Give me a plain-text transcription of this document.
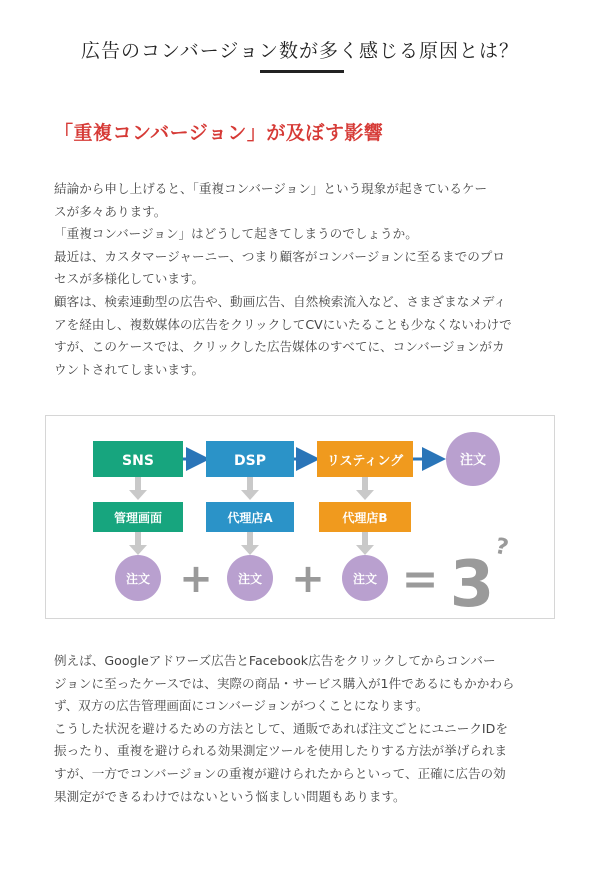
広告のコンバージョン数が多く感じる原因とは？
「重複コンバージョン」が及ぼす影響

結論から申し上げると、「重複コンバージョン」という現象が起きているケー

スが多々あります。

「重複コンバージョン」はどうして起きてしまうのでしょうか。

最近は、カスタマージャーニー、つまり顧客がコンバージョンに至るまでのプロ

セスが多様化しています。

顧客は、検索連動型の広告や、動画広告、自然検索流入など、さまざまなメディ

アを経由し、複数媒体の広告をクリックしてCVにいたることも少なくないわけで

すが、このケースでは、クリックした広告媒体のすべてに、コンバージョンがカ

ウントされてしまいます。

SNS	DSP	リスティング	注文
管理画面	代理店A	代理店B
注文 + 注文 + 注文 = 3
?

例えば、Googleアドワーズ広告とFacebook広告をクリックしてからコンバー

ジョンに至ったケースでは、実際の商品・サービス購入が1件であるにもかかわら

ず、双方の広告管理画面にコンバージョンがつくことになります。

こうした状況を避けるための方法として、通販であれば注文ごとにユニークIDを

振ったり、重複を避けられる効果測定ツールを使用したりする方法が挙げられま

すが、一方でコンバージョンの重複が避けられたからといって、正確に広告の効

果測定ができるわけではないという悩ましい問題もあります。
